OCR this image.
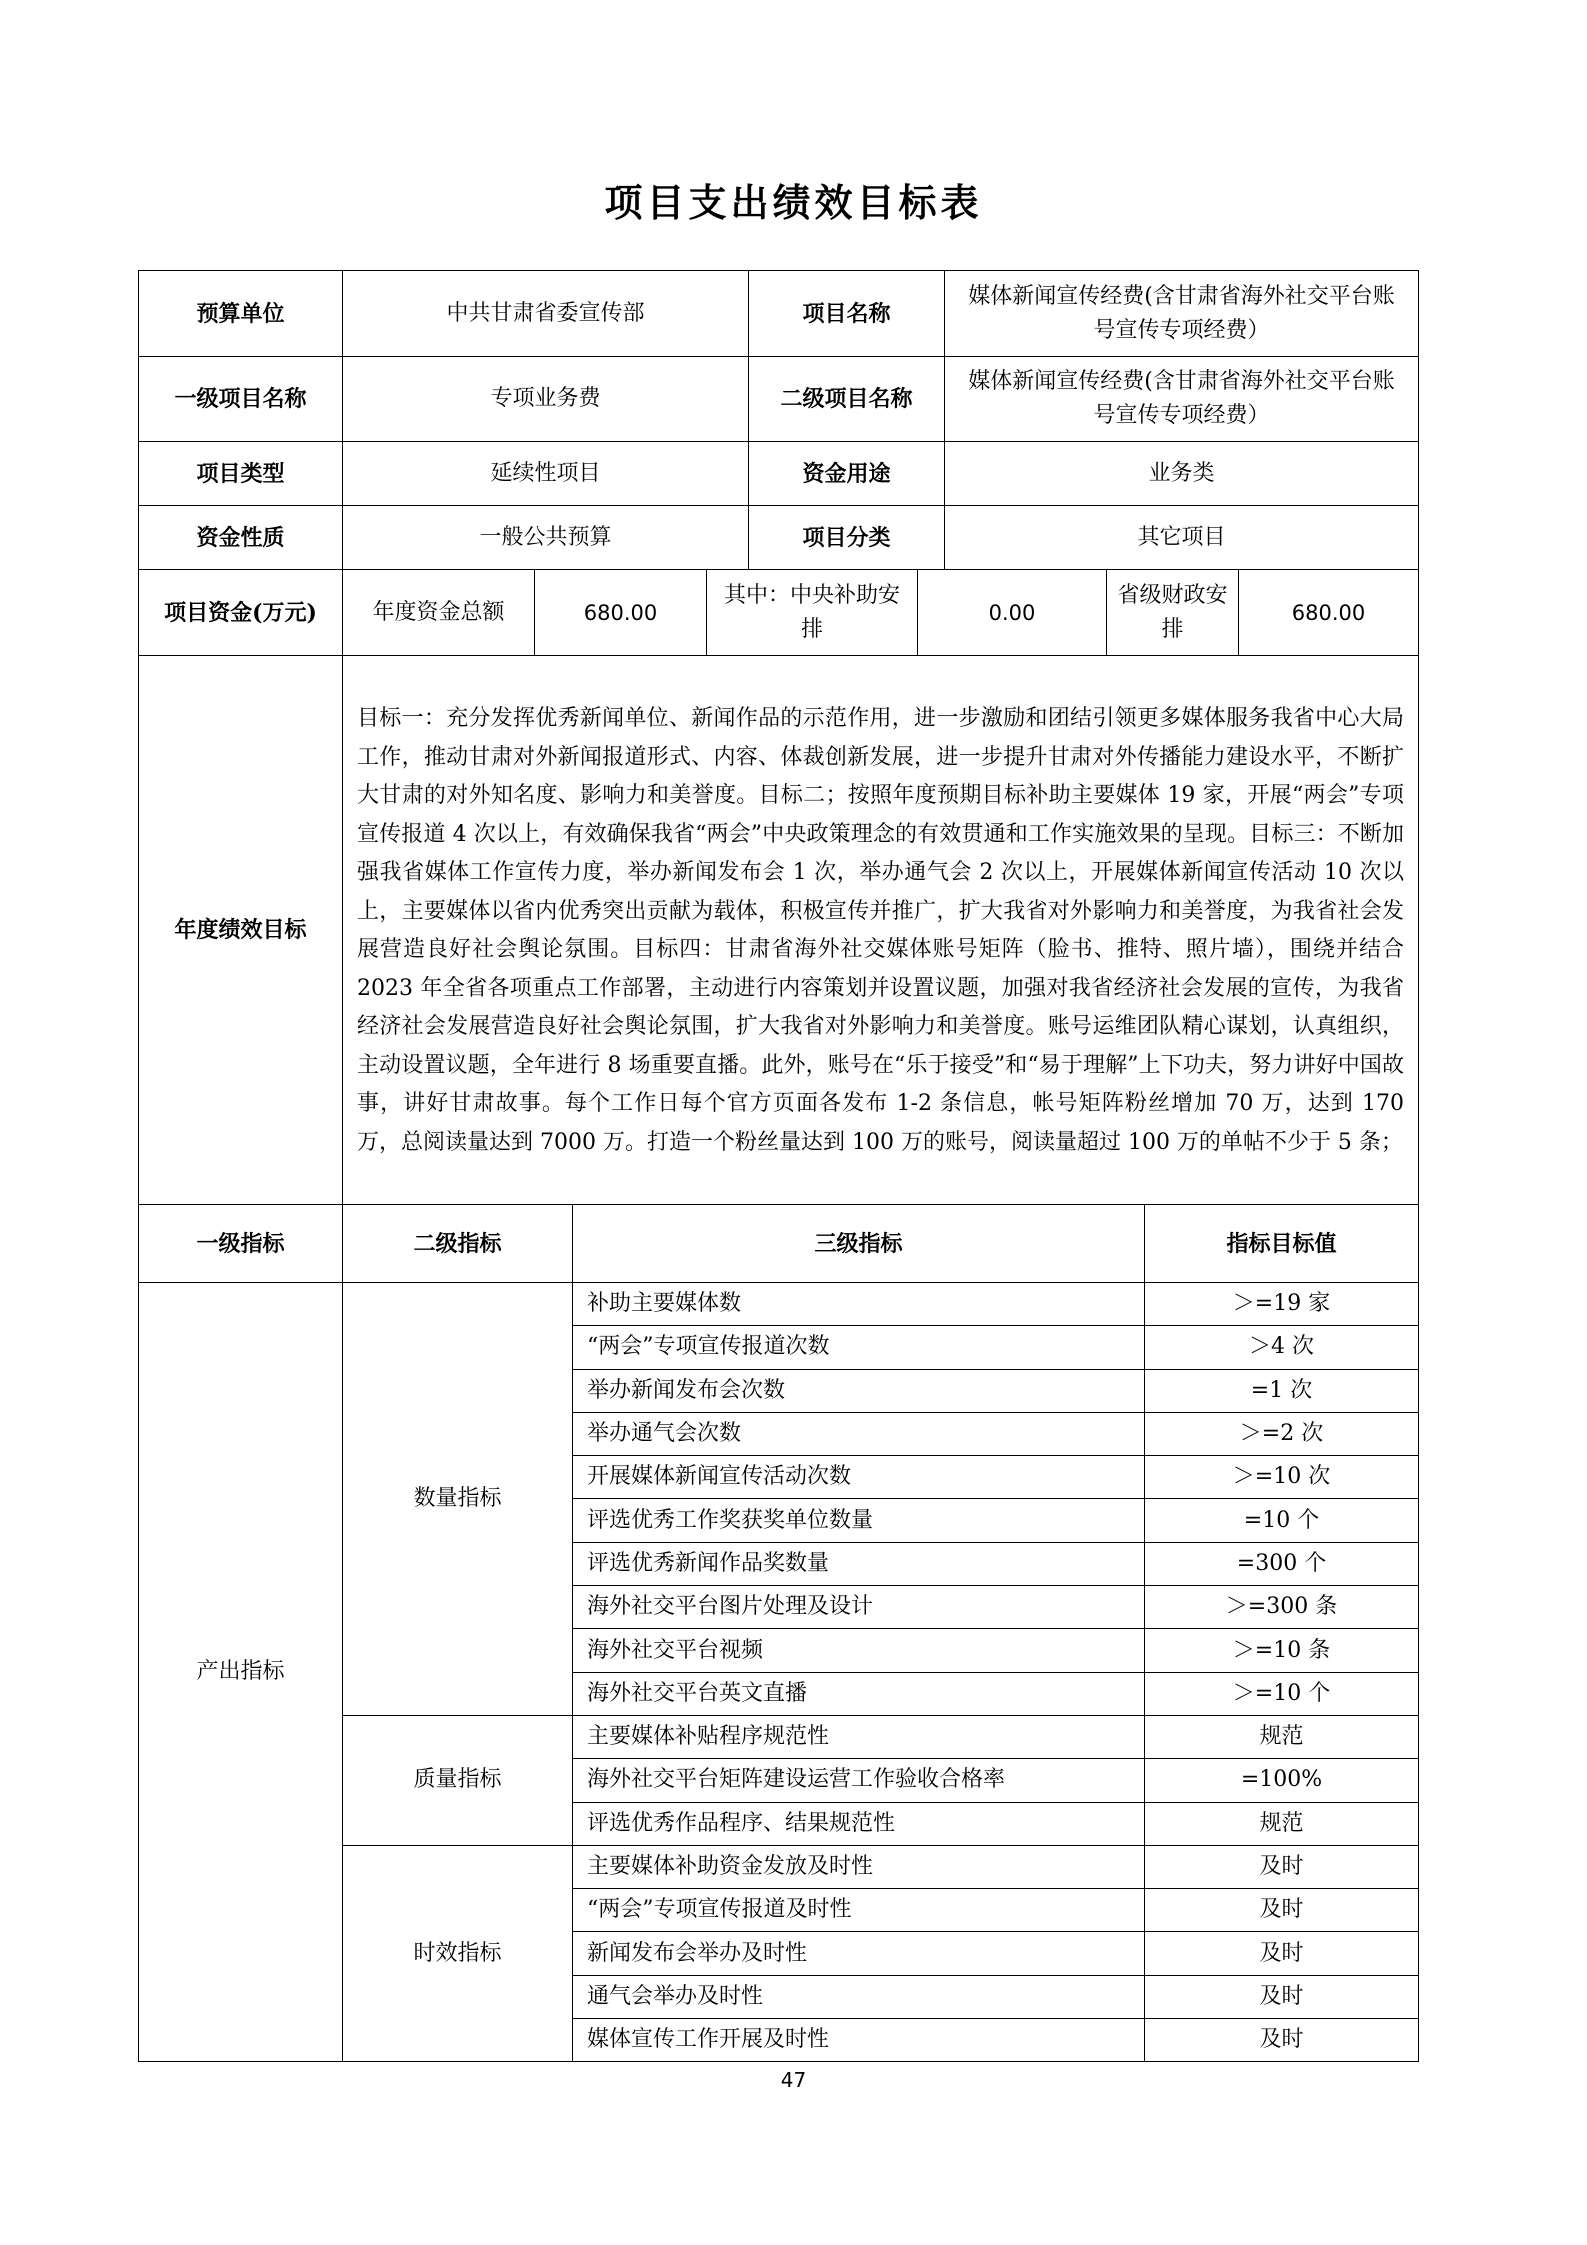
项目支出绩效目标表
预算单位	中共甘肃省委宣传部	项目名称	媒体新闻宣传经费(含甘肃省海外社交平台账号宣传专项经费）
一级项目名称	专项业务费	二级项目名称	媒体新闻宣传经费(含甘肃省海外社交平台账号宣传专项经费）
项目类型	延续性项目	资金用途	业务类
资金性质	一般公共预算	项目分类	其它项目
项目资金(万元)	年度资金总额	680.00	其中：中央补助安排	0.00	省级财政安排	680.00
年度绩效目标	目标一：充分发挥优秀新闻单位、新闻作品的示范作用，进一步激励和团结引领更多媒体服务我省中心大局工作，推动甘肃对外新闻报道形式、内容、体裁创新发展，进一步提升甘肃对外传播能力建设水平，不断扩大甘肃的对外知名度、影响力和美誉度。目标二；按照年度预期目标补助主要媒体 19 家，开展“两会”专项宣传报道 4 次以上，有效确保我省“两会”中央政策理念的有效贯通和工作实施效果的呈现。目标三：不断加强我省媒体工作宣传力度，举办新闻发布会 1 次，举办通气会 2 次以上，开展媒体新闻宣传活动 10 次以上，主要媒体以省内优秀突出贡献为载体，积极宣传并推广，扩大我省对外影响力和美誉度，为我省社会发展营造良好社会舆论氛围。目标四：甘肃省海外社交媒体账号矩阵（脸书、推特、照片墙），围绕并结合 2023 年全省各项重点工作部署，主动进行内容策划并设置议题，加强对我省经济社会发展的宣传，为我省经济社会发展营造良好社会舆论氛围，扩大我省对外影响力和美誉度。账号运维团队精心谋划，认真组织，主动设置议题，全年进行 8 场重要直播。此外，账号在“乐于接受”和“易于理解”上下功夫，努力讲好中国故事，讲好甘肃故事。每个工作日每个官方页面各发布 1-2 条信息，帐号矩阵粉丝增加 70 万，达到 170 万，总阅读量达到 7000 万。打造一个粉丝量达到 100 万的账号，阅读量超过 100 万的单帖不少于 5 条；					
一级指标	二级指标	三级指标	指标目标值
产出指标	数量指标	补助主要媒体数	＞=19 家
		“两会”专项宣传报道次数	＞4 次
		举办新闻发布会次数	=1 次
		举办通气会次数	＞=2 次
		开展媒体新闻宣传活动次数	＞=10 次
		评选优秀工作奖获奖单位数量	=10 个
		评选优秀新闻作品奖数量	=300 个
		海外社交平台图片处理及设计	＞=300 条
		海外社交平台视频	＞=10 条
		海外社交平台英文直播	＞=10 个
	质量指标	主要媒体补贴程序规范性	规范
		海外社交平台矩阵建设运营工作验收合格率	=100%
		评选优秀作品程序、结果规范性	规范
	时效指标	主要媒体补助资金发放及时性	及时
		“两会”专项宣传报道及时性	及时
		新闻发布会举办及时性	及时
		通气会举办及时性	及时
		媒体宣传工作开展及时性	及时
47
